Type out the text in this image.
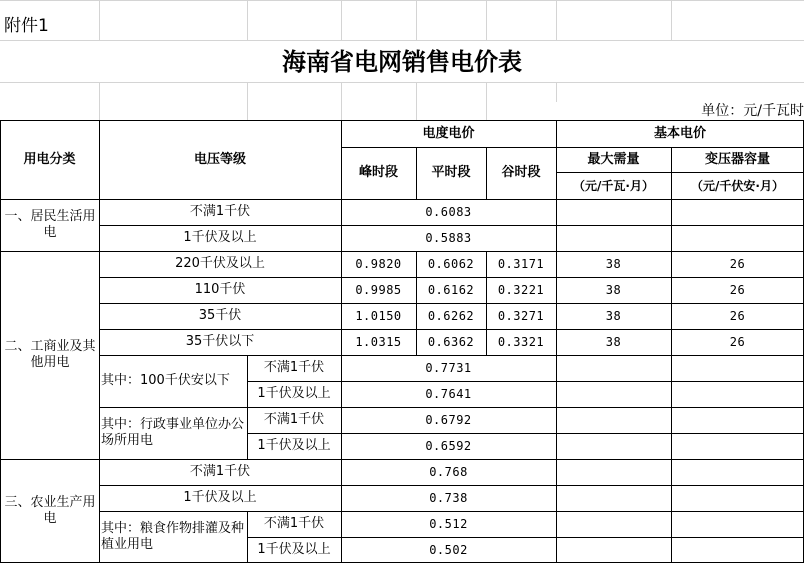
附件1
海南省电网销售电价表
单位：元/千瓦时
用电分类	电压等级
电度电价	基本电价
峰时段	平时段	谷时段
最大需量	变压器容量
（元/千瓦·月）	（元/千伏安·月）
一、居民生活用电
不满1千伏	0.6083
1千伏及以上	0.5883
二、工商业及其他用电
220千伏及以上	0.9820	0.6062	0.3171	38	26
110千伏	0.9985	0.6162	0.3221	38	26
35千伏	1.0150	0.6262	0.3271	38	26
35千伏以下	1.0315	0.6362	0.3321	38	26
其中：100千伏安以下
不满1千伏	0.7731
1千伏及以上	0.7641
其中：行政事业单位办公场所用电
不满1千伏	0.6792
1千伏及以上	0.6592
三、农业生产用电
不满1千伏	0.768
1千伏及以上	0.738
其中：粮食作物排灌及种植业用电
不满1千伏	0.512
1千伏及以上	0.502
